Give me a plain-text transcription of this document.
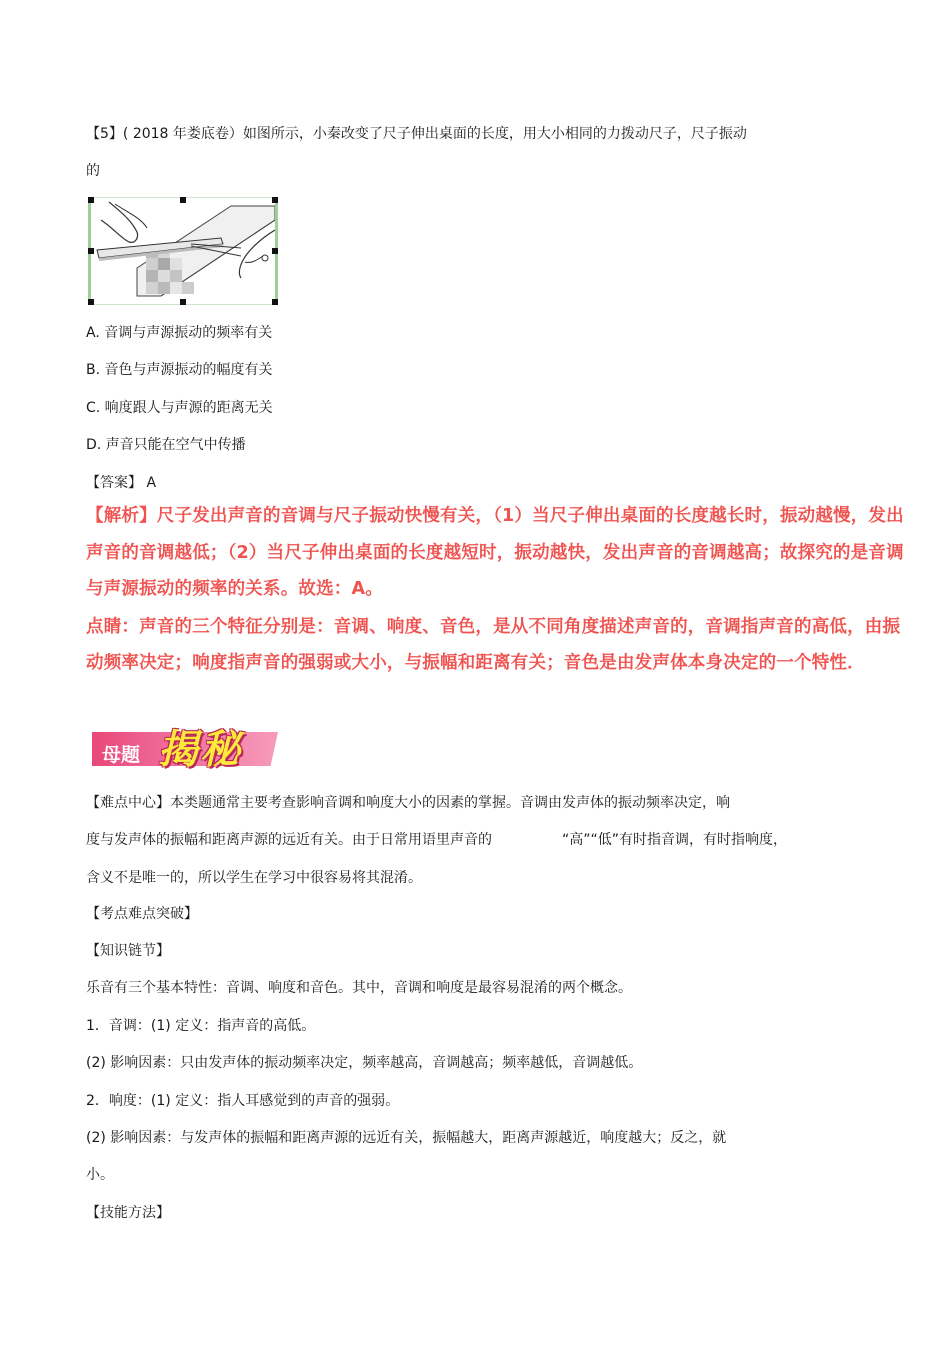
【5】( 2018 年娄底卷）如图所示，小秦改变了尺子伸出桌面的长度，用大小相同的力拨动尺子，尺子振动
的
A. 音调与声源振动的频率有关
B. 音色与声源振动的幅度有关
C. 响度跟人与声源的距离无关
D. 声音只能在空气中传播
【答案】 A
【解析】尺子发出声音的音调与尺子振动快慢有关，（1）当尺子伸出桌面的长度越长时，振动越慢，发出
声音的音调越低；（2）当尺子伸出桌面的长度越短时，振动越快，发出声音的音调越高；故探究的是音调
与声源振动的频率的关系。故选：A。
点睛：声音的三个特征分别是：音调、响度、音色，是从不同角度描述声音的，音调指声音的高低，由振
动频率决定；响度指声音的强弱或大小，与振幅和距离有关；音色是由发声体本身决定的一个特性．
母题 揭秘
【难点中心】本类题通常主要考查影响音调和响度大小的因素的掌握。音调由发声体的振动频率决定，响
度与发声体的振幅和距离声源的远近有关。由于日常用语里声音的	“高”“低”有时指音调，有时指响度，
含义不是唯一的，所以学生在学习中很容易将其混淆。
【考点难点突破】
【知识链节】
乐音有三个基本特性：音调、响度和音色。其中，音调和响度是最容易混淆的两个概念。
1．音调：(1) 定义：指声音的高低。
(2) 影响因素：只由发声体的振动频率决定，频率越高，音调越高；频率越低，音调越低。
2．响度：(1) 定义：指人耳感觉到的声音的强弱。
(2) 影响因素：与发声体的振幅和距离声源的远近有关，振幅越大，距离声源越近，响度越大；反之，就
小。
【技能方法】
